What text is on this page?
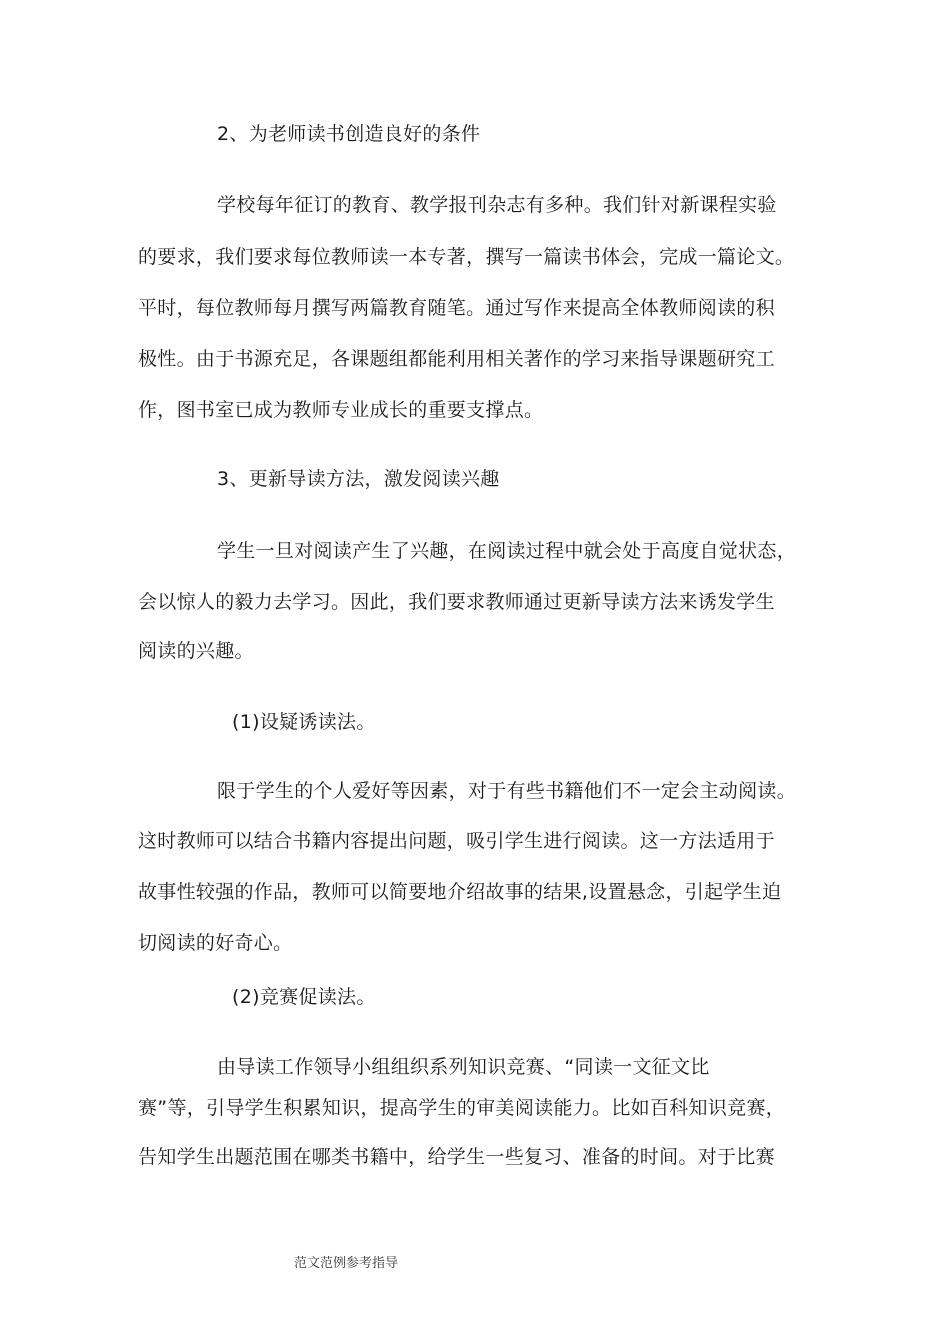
2、为老师读书创造良好的条件
学校每年征订的教育、教学报刊杂志有多种。我们针对新课程实验
的要求，我们要求每位教师读一本专著，撰写一篇读书体会，完成一篇论文。
平时，每位教师每月撰写两篇教育随笔。通过写作来提高全体教师阅读的积
极性。由于书源充足，各课题组都能利用相关著作的学习来指导课题研究工
作，图书室已成为教师专业成长的重要支撑点。
3、更新导读方法，激发阅读兴趣
学生一旦对阅读产生了兴趣，在阅读过程中就会处于高度自觉状态，
会以惊人的毅力去学习。因此，我们要求教师通过更新导读方法来诱发学生
阅读的兴趣。
(1)设疑诱读法。
限于学生的个人爱好等因素，对于有些书籍他们不一定会主动阅读。
这时教师可以结合书籍内容提出问题，吸引学生进行阅读。这一方法适用于
故事性较强的作品，教师可以简要地介绍故事的结果,设置悬念，引起学生迫
切阅读的好奇心。
(2)竞赛促读法。
由导读工作领导小组组织系列知识竞赛、“同读一文征文比
赛”等，引导学生积累知识，提高学生的审美阅读能力。比如百科知识竞赛，
告知学生出题范围在哪类书籍中，给学生一些复习、准备的时间。对于比赛
范文范例参考指导
